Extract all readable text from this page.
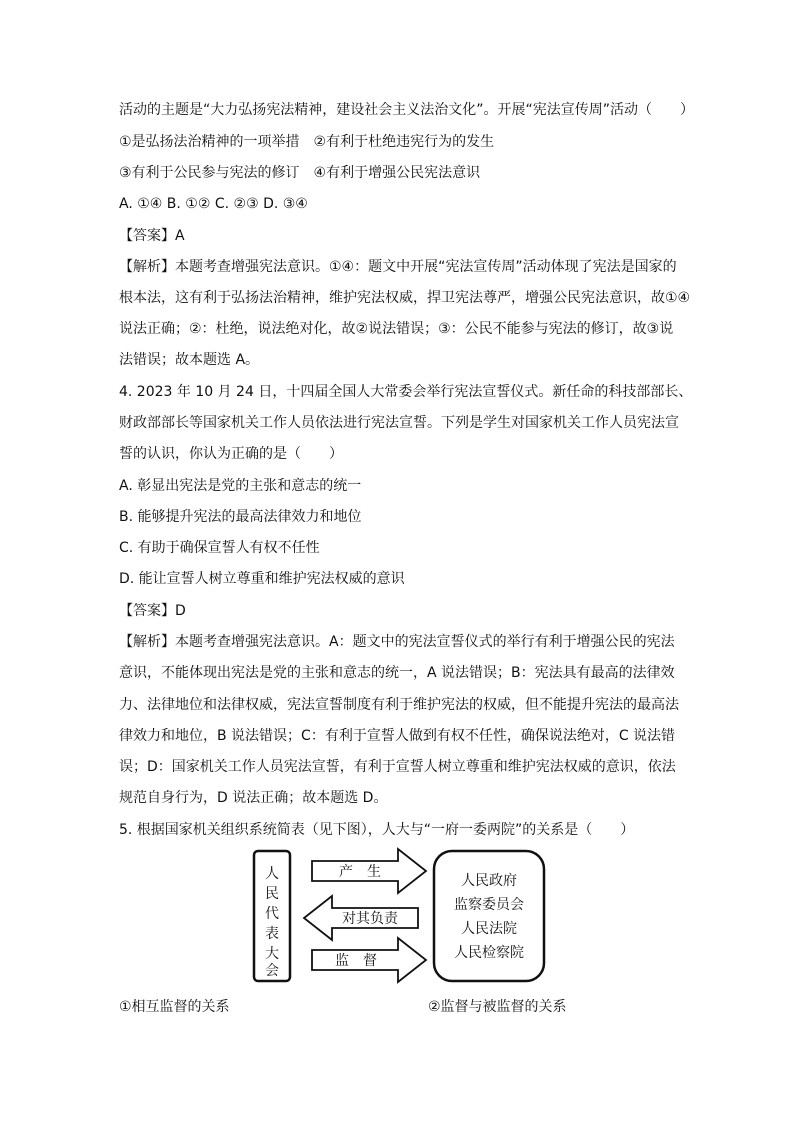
活动的主题是“大力弘扬宪法精神，建设社会主义法治文化”。开展“宪法宣传周”活动（　　）
①是弘扬法治精神的一项举措　②有利于杜绝违宪行为的发生
③有利于公民参与宪法的修订　④有利于增强公民宪法意识
A. ①④ B. ①② C. ②③ D. ③④
【答案】A
【解析】本题考查增强宪法意识。①④：题文中开展“宪法宣传周”活动体现了宪法是国家的
根本法，这有利于弘扬法治精神，维护宪法权威，捍卫宪法尊严，增强公民宪法意识，故①④
说法正确；②：杜绝，说法绝对化，故②说法错误；③：公民不能参与宪法的修订，故③说
法错误；故本题选 A。
4. 2023 年 10 月 24 日，十四届全国人大常委会举行宪法宣誓仪式。新任命的科技部部长、
财政部部长等国家机关工作人员依法进行宪法宣誓。下列是学生对国家机关工作人员宪法宣
誓的认识，你认为正确的是（　　）
A. 彰显出宪法是党的主张和意志的统一
B. 能够提升宪法的最高法律效力和地位
C. 有助于确保宣誓人有权不任性
D. 能让宣誓人树立尊重和维护宪法权威的意识
【答案】D
【解析】本题考查增强宪法意识。A：题文中的宪法宣誓仪式的举行有利于增强公民的宪法
意识，不能体现出宪法是党的主张和意志的统一，A 说法错误；B：宪法具有最高的法律效
力、法律地位和法律权威，宪法宣誓制度有利于维护宪法的权威，但不能提升宪法的最高法
律效力和地位，B 说法错误；C：有利于宣誓人做到有权不任性，确保说法绝对，C 说法错
误；D：国家机关工作人员宪法宣誓，有利于宣誓人树立尊重和维护宪法权威的意识，依法
规范自身行为，D 说法正确；故本题选 D。
5. 根据国家机关组织系统简表（见下图），人大与“一府一委两院”的关系是（　　）
人
民
代
表
大
会
产　生
对其负责
监　督
人民政府
监察委员会
人民法院
人民检察院
①相互监督的关系	②监督与被监督的关系
